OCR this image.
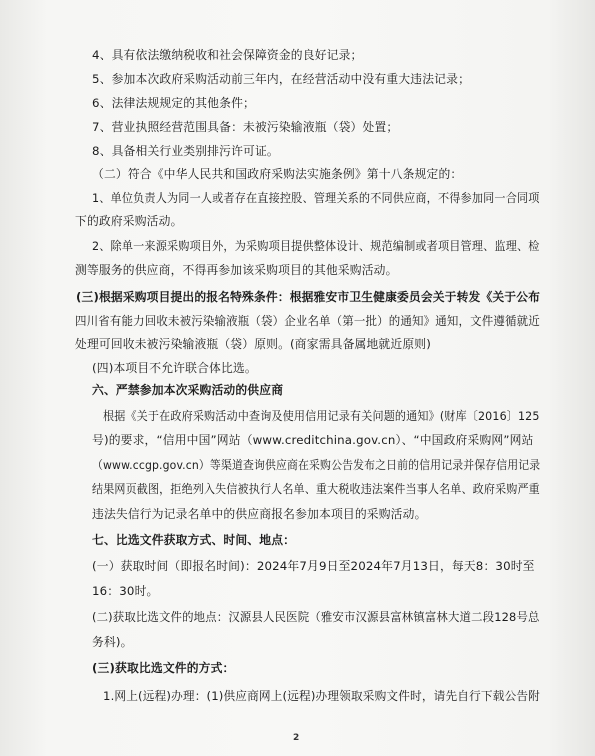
4、具有依法缴纳税收和社会保障资金的良好记录；
5、参加本次政府采购活动前三年内，在经营活动中没有重大违法记录；
6、法律法规规定的其他条件；
7、营业执照经营范围具备：未被污染输液瓶（袋）处置；
8、具备相关行业类别排污许可证。
（二）符合《中华人民共和国政府采购法实施条例》第十八条规定的：
1、单位负责人为同一人或者存在直接控股、管理关系的不同供应商，不得参加同一合同项
下的政府采购活动。
2、除单一来源采购项目外，为采购项目提供整体设计、规范编制或者项目管理、监理、检
测等服务的供应商，不得再参加该采购项目的其他采购活动。
(三)根据采购项目提出的报名特殊条件：根据雅安市卫生健康委员会关于转发《关于公布
四川省有能力回收未被污染输液瓶（袋）企业名单（第一批）的通知》通知，文件遵循就近
处理可回收未被污染输液瓶（袋）原则。(商家需具备属地就近原则)
(四)本项目不允许联合体比选。
六、严禁参加本次采购活动的供应商
根据《关于在政府采购活动中查询及使用信用记录有关问题的通知》(财库〔2016〕125
号)的要求，“信用中国”网站（www.creditchina.gov.cn）、“中国政府采购网”网站
（www.ccgp.gov.cn）等渠道查询供应商在采购公告发布之日前的信用记录并保存信用记录
结果网页截图，拒绝列入失信被执行人名单、重大税收违法案件当事人名单、政府采购严重
违法失信行为记录名单中的供应商报名参加本项目的采购活动。
七、比选文件获取方式、时间、地点：
(一）获取时间（即报名时间)：2024年7月9日至2024年7月13日，每天8：30时至
16：30时。
(二)获取比选文件的地点：汉源县人民医院（雅安市汉源县富林镇富林大道二段128号总
务科)。
(三)获取比选文件的方式：
1.网上(远程)办理：(1)供应商网上(远程)办理领取采购文件时，请先自行下载公告附
2
